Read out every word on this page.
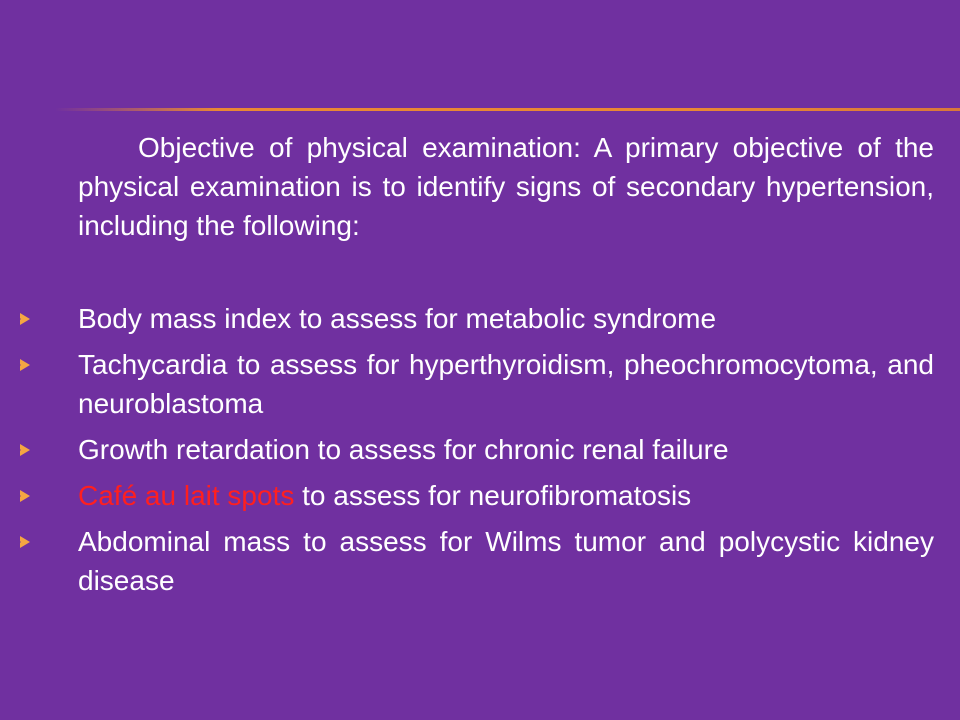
Objective of physical examination: A primary objective of the physical examination is to identify signs of secondary hypertension, including the following:

Body mass index to assess for metabolic syndrome
Tachycardia to assess for hyperthyroidism, pheochromocytoma, and neuroblastoma
Growth retardation to assess for chronic renal failure
Café au lait spots to assess for neurofibromatosis
Abdominal mass to assess for Wilms tumor and polycystic kidney disease
